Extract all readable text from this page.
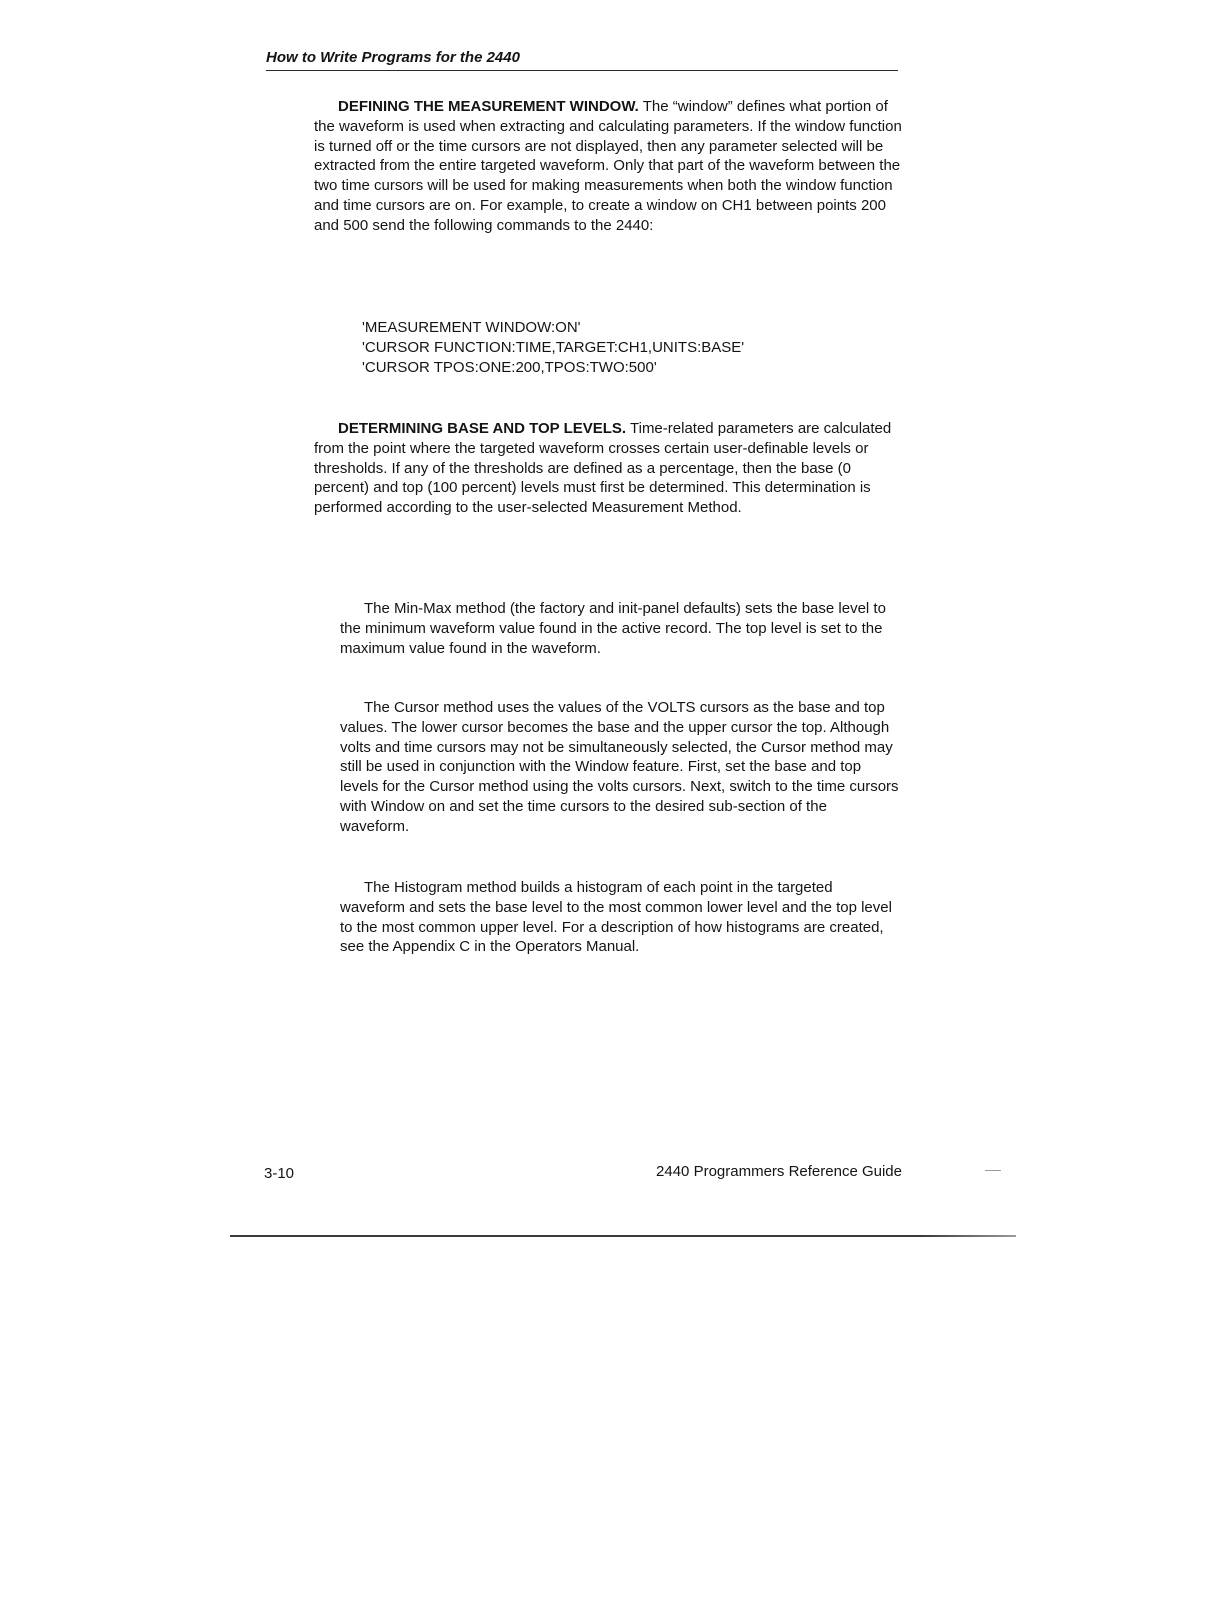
How to Write Programs for the 2440

DEFINING THE MEASUREMENT WINDOW. The “window” defines what portion of the waveform is used when extracting and calculating parameters. If the window function is turned off or the time cursors are not displayed, then any parameter selected will be extracted from the entire targeted waveform. Only that part of the waveform between the two time cursors will be used for making measurements when both the window function and time cursors are on. For example, to create a window on CH1 between points 200 and 500 send the following commands to the 2440:

'MEASUREMENT WINDOW:ON'
'CURSOR FUNCTION:TIME,TARGET:CH1,UNITS:BASE'
'CURSOR TPOS:ONE:200,TPOS:TWO:500'

DETERMINING BASE AND TOP LEVELS. Time-related parameters are calculated from the point where the targeted waveform crosses certain user-definable levels or thresholds. If any of the thresholds are defined as a percentage, then the base (0 percent) and top (100 percent) levels must first be determined. This determination is performed according to the user-selected Measurement Method.

The Min-Max method (the factory and init-panel defaults) sets the base level to the minimum waveform value found in the active record. The top level is set to the maximum value found in the waveform.

The Cursor method uses the values of the VOLTS cursors as the base and top values. The lower cursor becomes the base and the upper cursor the top. Although volts and time cursors may not be simultaneously selected, the Cursor method may still be used in conjunction with the Window feature. First, set the base and top levels for the Cursor method using the volts cursors. Next, switch to the time cursors with Window on and set the time cursors to the desired sub-section of the waveform.

The Histogram method builds a histogram of each point in the targeted waveform and sets the base level to the most common lower level and the top level to the most common upper level. For a description of how histograms are created, see the Appendix C in the Operators Manual.

3-10	2440 Programmers Reference Guide
